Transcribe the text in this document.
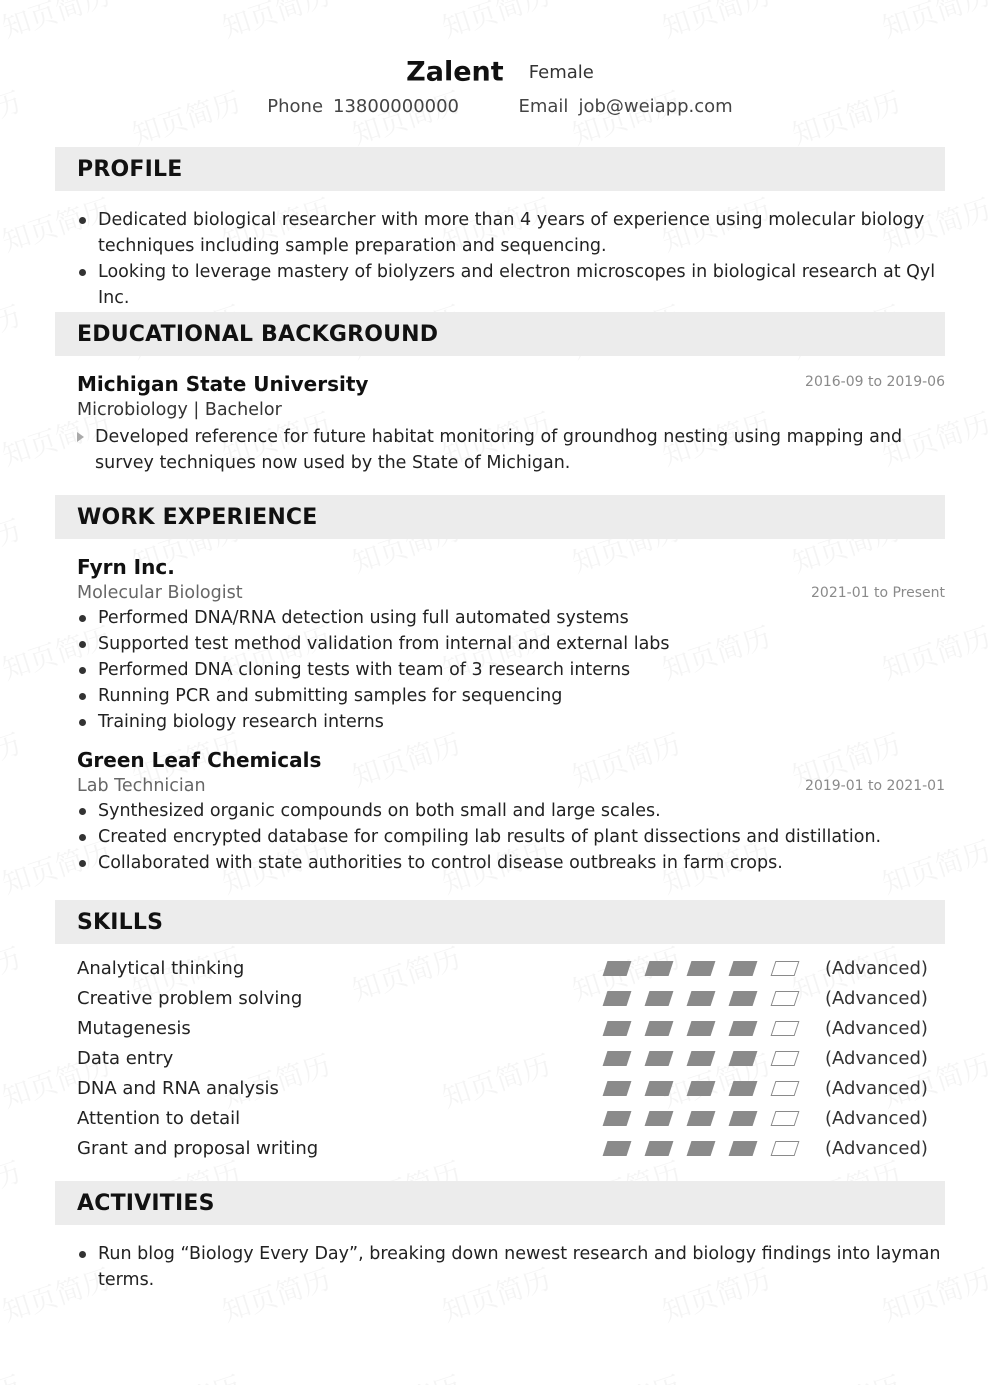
Zalent Female
Phone 13800000000	Email job@weiapp.com
PROFILE
Dedicated biological researcher with more than 4 years of experience using molecular biology techniques including sample preparation and sequencing.
Looking to leverage mastery of biolyzers and electron microscopes in biological research at Qyl Inc.
EDUCATIONAL BACKGROUND
Michigan State University	2016-09 to 2019-06
Microbiology | Bachelor
Developed reference for future habitat monitoring of groundhog nesting using mapping and survey techniques now used by the State of Michigan.
WORK EXPERIENCE
Fyrn Inc.
Molecular Biologist	2021-01 to Present
Performed DNA/RNA detection using full automated systems
Supported test method validation from internal and external labs
Performed DNA cloning tests with team of 3 research interns
Running PCR and submitting samples for sequencing
Training biology research interns
Green Leaf Chemicals
Lab Technician	2019-01 to 2021-01
Synthesized organic compounds on both small and large scales.
Created encrypted database for compiling lab results of plant dissections and distillation.
Collaborated with state authorities to control disease outbreaks in farm crops.
SKILLS
Analytical thinking	(Advanced)
Creative problem solving	(Advanced)
Mutagenesis	(Advanced)
Data entry	(Advanced)
DNA and RNA analysis	(Advanced)
Attention to detail	(Advanced)
Grant and proposal writing	(Advanced)
ACTIVITIES
Run blog “Biology Every Day”, breaking down newest research and biology findings into layman terms.
